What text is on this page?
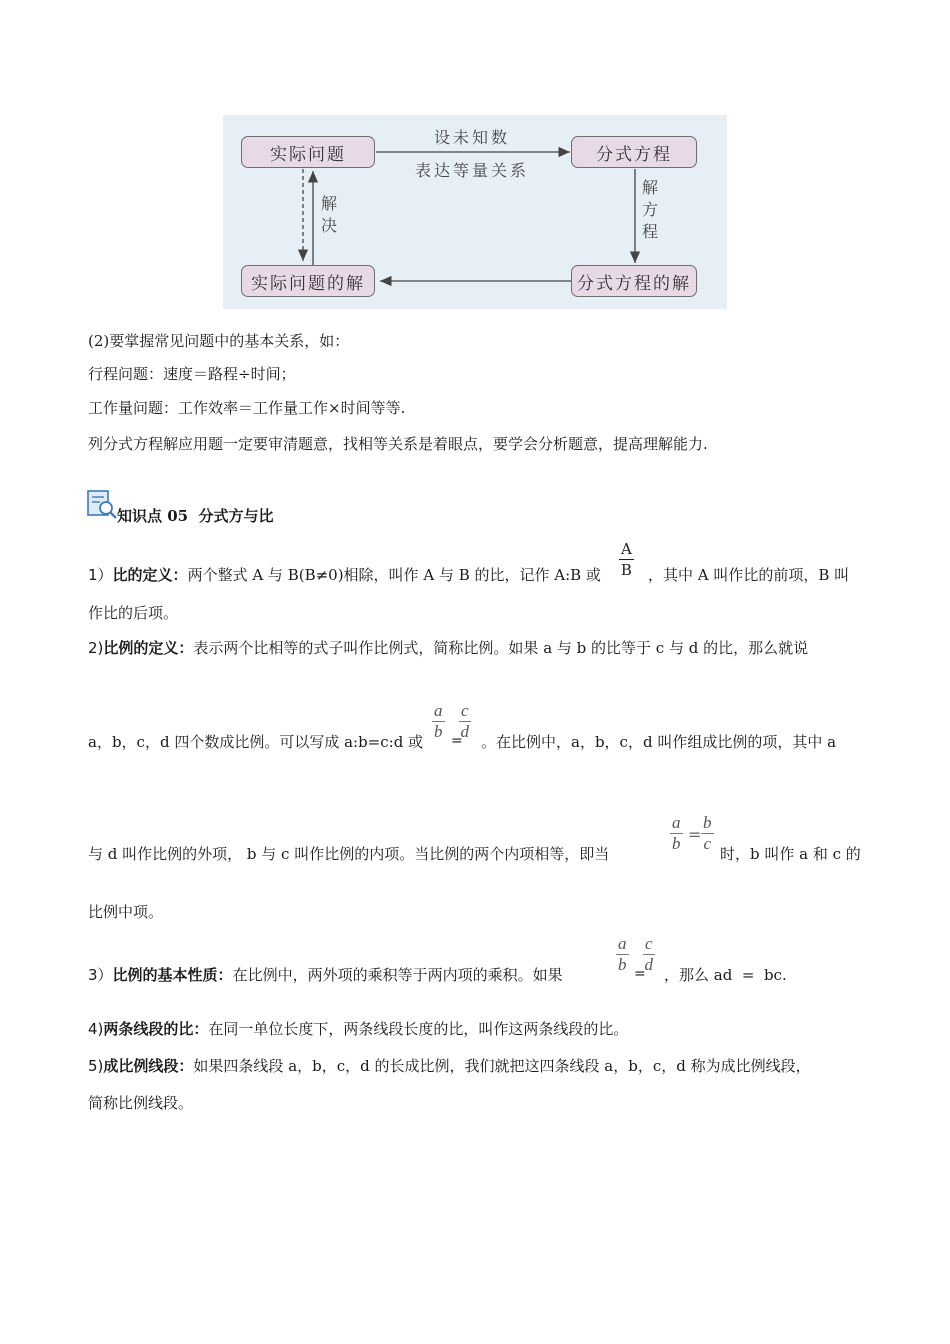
实际问题	分式方程
分式方程的解
实际问题的解
设未知数
表达等量关系
解方程
解决
(2)要掌握常见问题中的基本关系，如：
行程问题：速度＝路程÷时间；
工作量问题：工作效率＝工作量工作×时间等等.
列分式方程解应用题一定要审清题意，找相等关系是着眼点，要学会分析题意，提高理解能力.
知识点 05  分式方与比
1）比的定义：两个整式 A 与 B(B≠0)相除，叫作 A 与 B 的比，记作 A:B 或 $\frac{A}{B}$ ，其中 A 叫作比的前项，B 叫
作比的后项。
2)比例的定义：表示两个比相等的式子叫作比例式，简称比例。如果 a 与 b 的比等于 c 与 d 的比，那么就说
a，b，c，d 四个数成比例。可以写成 a:b=c:d 或
$\frac{a}{b}$ =
$\frac{c}{d}$
。在比例中，a，b，c，d 叫作组成比例的项，其中 a
与 d 叫作比例的外项， b 与 c 叫作比例的内项。当比例的两个内项相等，即当
$\frac{a}{b} = \frac{b}{c}$
时，b 叫作 a 和 c 的
比例中项。
3）比例的基本性质：在比例中，两外项的乘积等于两内项的乘积。如果
$\frac{a}{b}$ =
$\frac{c}{d}$
，那么 ad  =  bc.
4)两条线段的比：在同一单位长度下，两条线段长度的比，叫作这两条线段的比。
5)成比例线段：如果四条线段 a，b，c，d 的长成比例，我们就把这四条线段 a，b，c，d 称为成比例线段，
简称比例线段。
